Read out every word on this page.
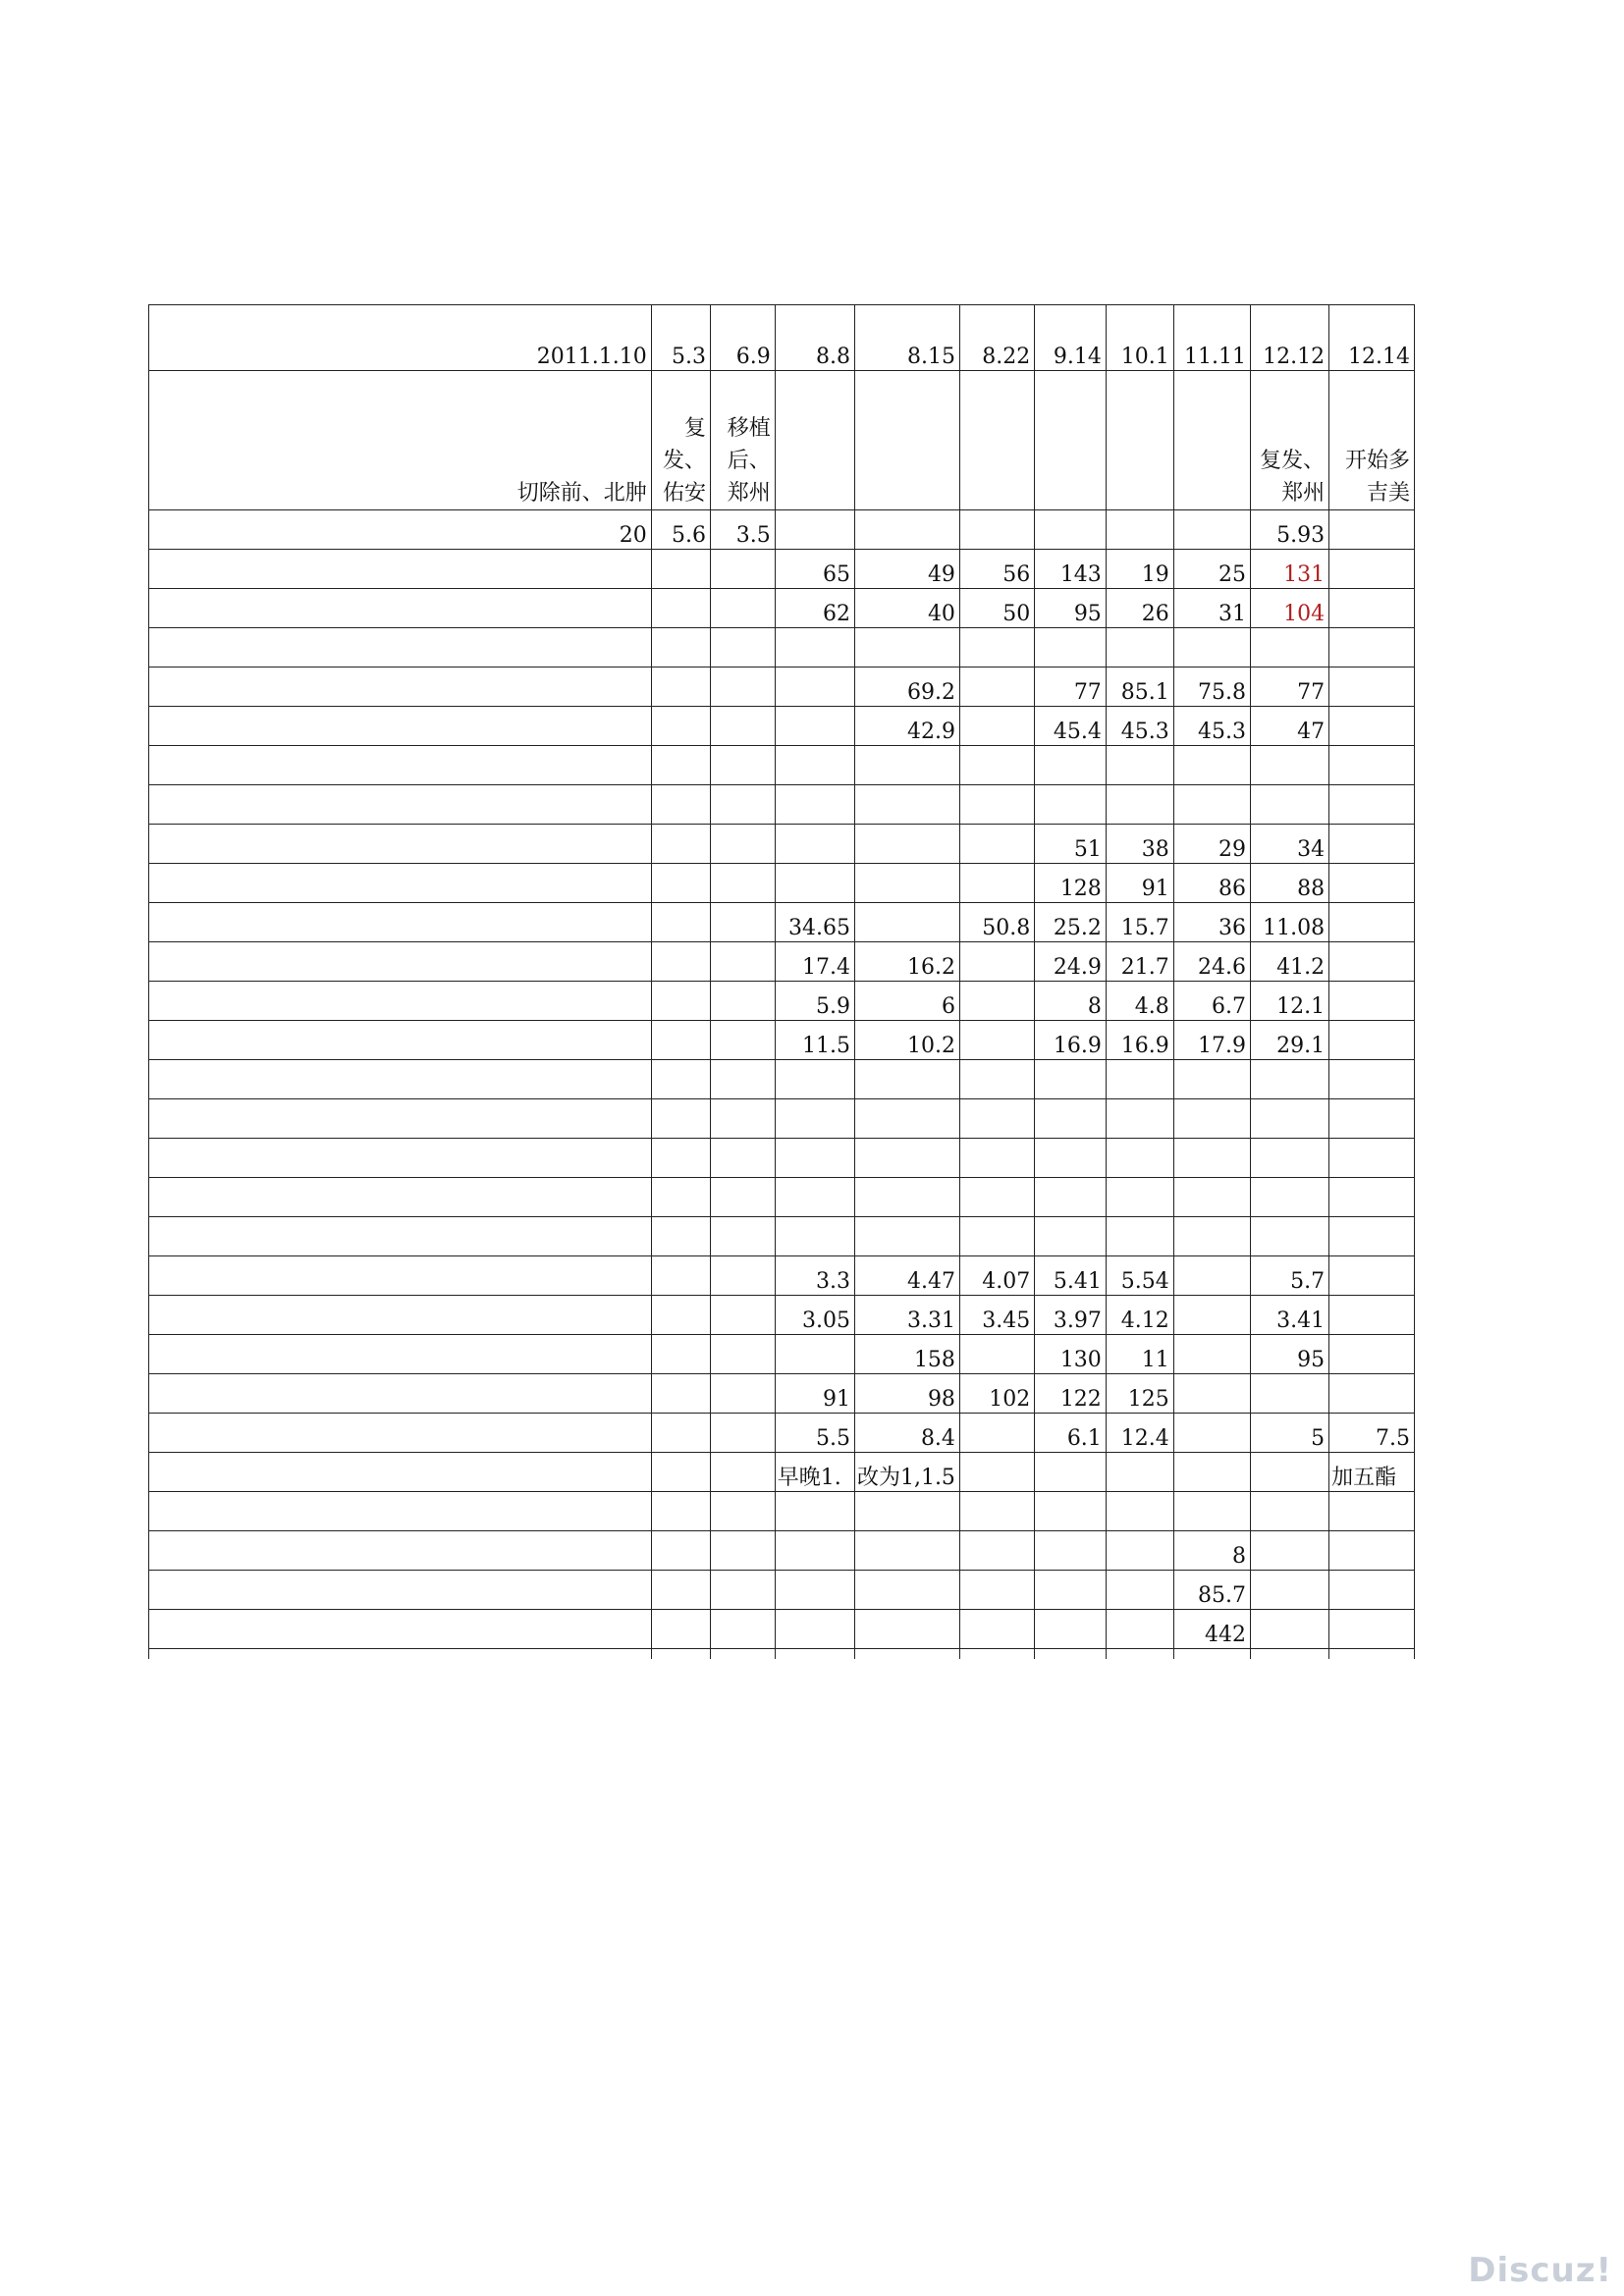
2011.1.10	5.3	6.9	8.8	8.15	8.22	9.14	10.1	11.11	12.12	12.14

切除前、北肿	复发、佑安	移植后、郑州							复发、郑州	开始多吉美

20	5.6	3.5							5.93	
			65	49	56	143	19	25	131	
			62	40	50	95	26	31	104	

				69.2		77	85.1	75.8	77	
				42.9		45.4	45.3	45.3	47	

						51	38	29	34	
						128	91	86	88	
			34.65		50.8	25.2	15.7	36	11.08	
			17.4	16.2		24.9	21.7	24.6	41.2	
			5.9	6		8	4.8	6.7	12.1	
			11.5	10.2		16.9	16.9	17.9	29.1	

			3.3	4.47	4.07	5.41	5.54		5.7	
			3.05	3.31	3.45	3.97	4.12		3.41	
				158		130	11		95	
			91	98	102	122	125			
			5.5	8.4		6.1	12.4		5	7.5
			早晚1.	改为1,1.5						加五酯

								8		
								85.7		
								442		

Discuz!
